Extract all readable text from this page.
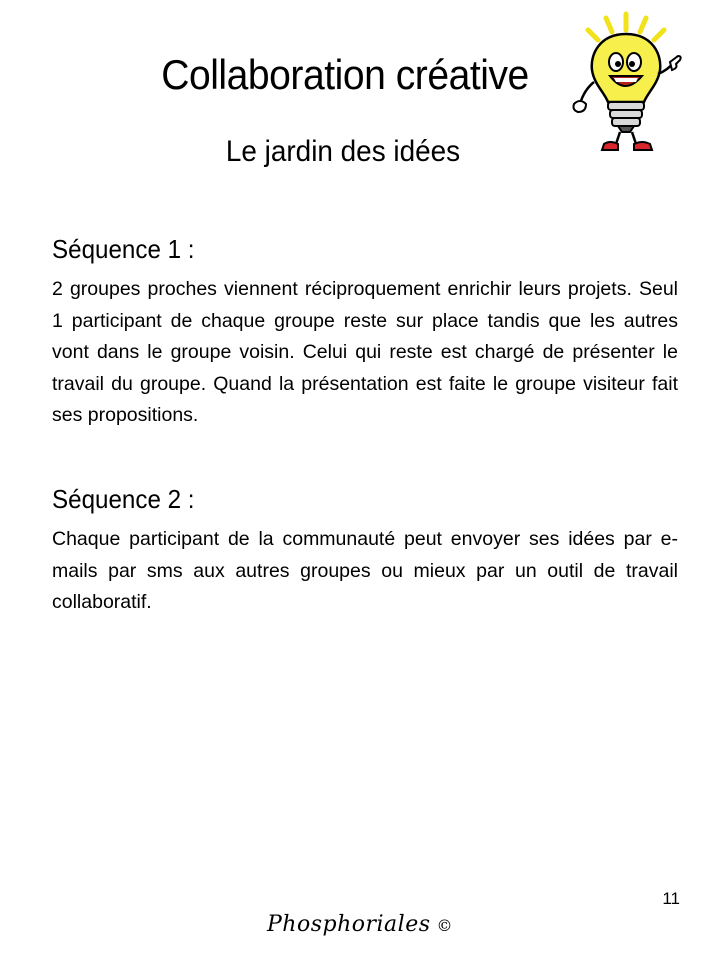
Collaboration créative
Le jardin des idées
Séquence 1 :

2 groupes proches viennent réciproquement enrichir leurs projets. Seul 1 participant de chaque groupe reste sur place tandis que les autres vont dans le groupe voisin. Celui qui reste est chargé de présenter le travail du groupe. Quand la présentation est faite le groupe visiteur fait ses propositions.

Séquence 2 :

Chaque participant de la communauté peut envoyer ses idées par e-mails par sms aux autres groupes ou mieux par un outil de travail collaboratif.

11
Phosphoriales ©
